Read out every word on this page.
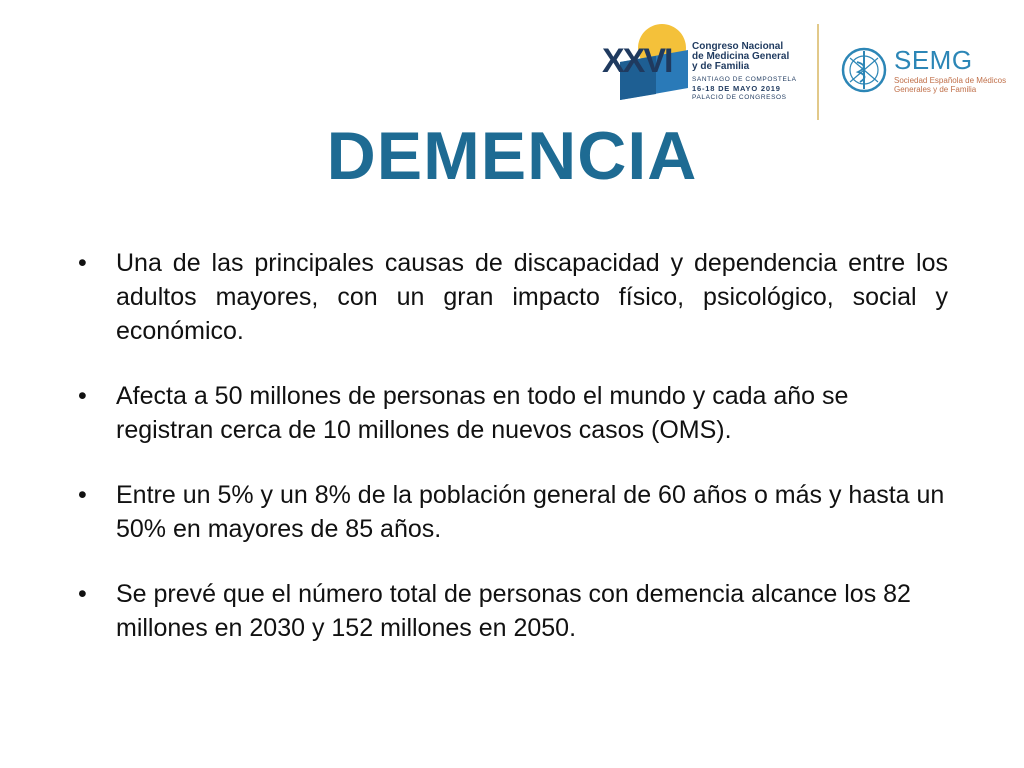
XXVI Congreso Nacional
de Medicina General
y de Familia
SANTIAGO DE COMPOSTELA
16-18 DE MAYO 2019
PALACIO DE CONGRESOS
SEMG
Sociedad Española de Médicos
Generales y de Familia
DEMENCIA
• Una de las principales causas de discapacidad y dependencia entre los adultos mayores, con un gran impacto físico, psicológico, social y económico.
• Afecta a 50 millones de personas en todo el mundo y cada año se registran cerca de 10 millones de nuevos casos (OMS).
• Entre un 5% y un 8% de la población general de 60 años o más y hasta un 50% en mayores de 85 años.
• Se prevé que el número total de personas con demencia alcance los 82 millones en 2030 y 152 millones en 2050.
